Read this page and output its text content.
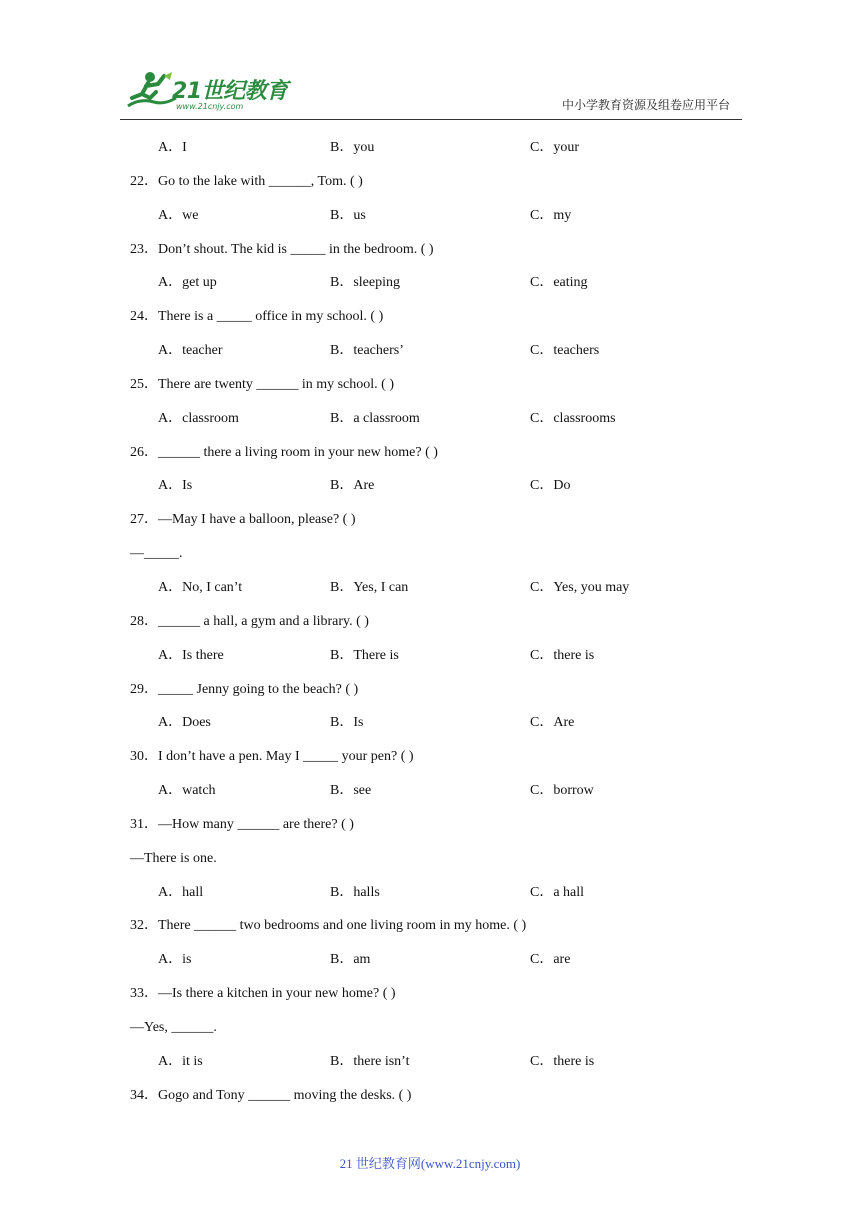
21世纪教育
www.21cnjy.com	中小学教育资源及组卷应用平台
A．I	B．you	C．your
22．Go to the lake with ______, Tom. ( )
A．we	B．us	C．my
23．Don’t shout. The kid is _____ in the bedroom. ( )
A．get up	B．sleeping	C．eating
24．There is a _____ office in my school. ( )
A．teacher	B．teachers’	C．teachers
25．There are twenty ______ in my school. ( )
A．classroom	B．a classroom	C．classrooms
26．______ there a living room in your new home? ( )
A．Is	B．Are	C．Do
27．—May I have a balloon, please? ( )
—_____.
A．No, I can’t	B．Yes, I can	C．Yes, you may
28．______ a hall, a gym and a library. ( )
A．Is there	B．There is	C．there is
29．_____ Jenny going to the beach? ( )
A．Does	B．Is	C．Are
30．I don’t have a pen. May I _____ your pen? ( )
A．watch	B．see	C．borrow
31．—How many ______ are there? ( )
—There is one.
A．hall	B．halls	C．a hall
32．There ______ two bedrooms and one living room in my home. ( )
A．is	B．am	C．are
33．—Is there a kitchen in your new home? ( )
—Yes, ______.
A．it is	B．there isn’t	C．there is
34．Gogo and Tony ______ moving the desks. ( )
21 世纪教育网(www.21cnjy.com)
